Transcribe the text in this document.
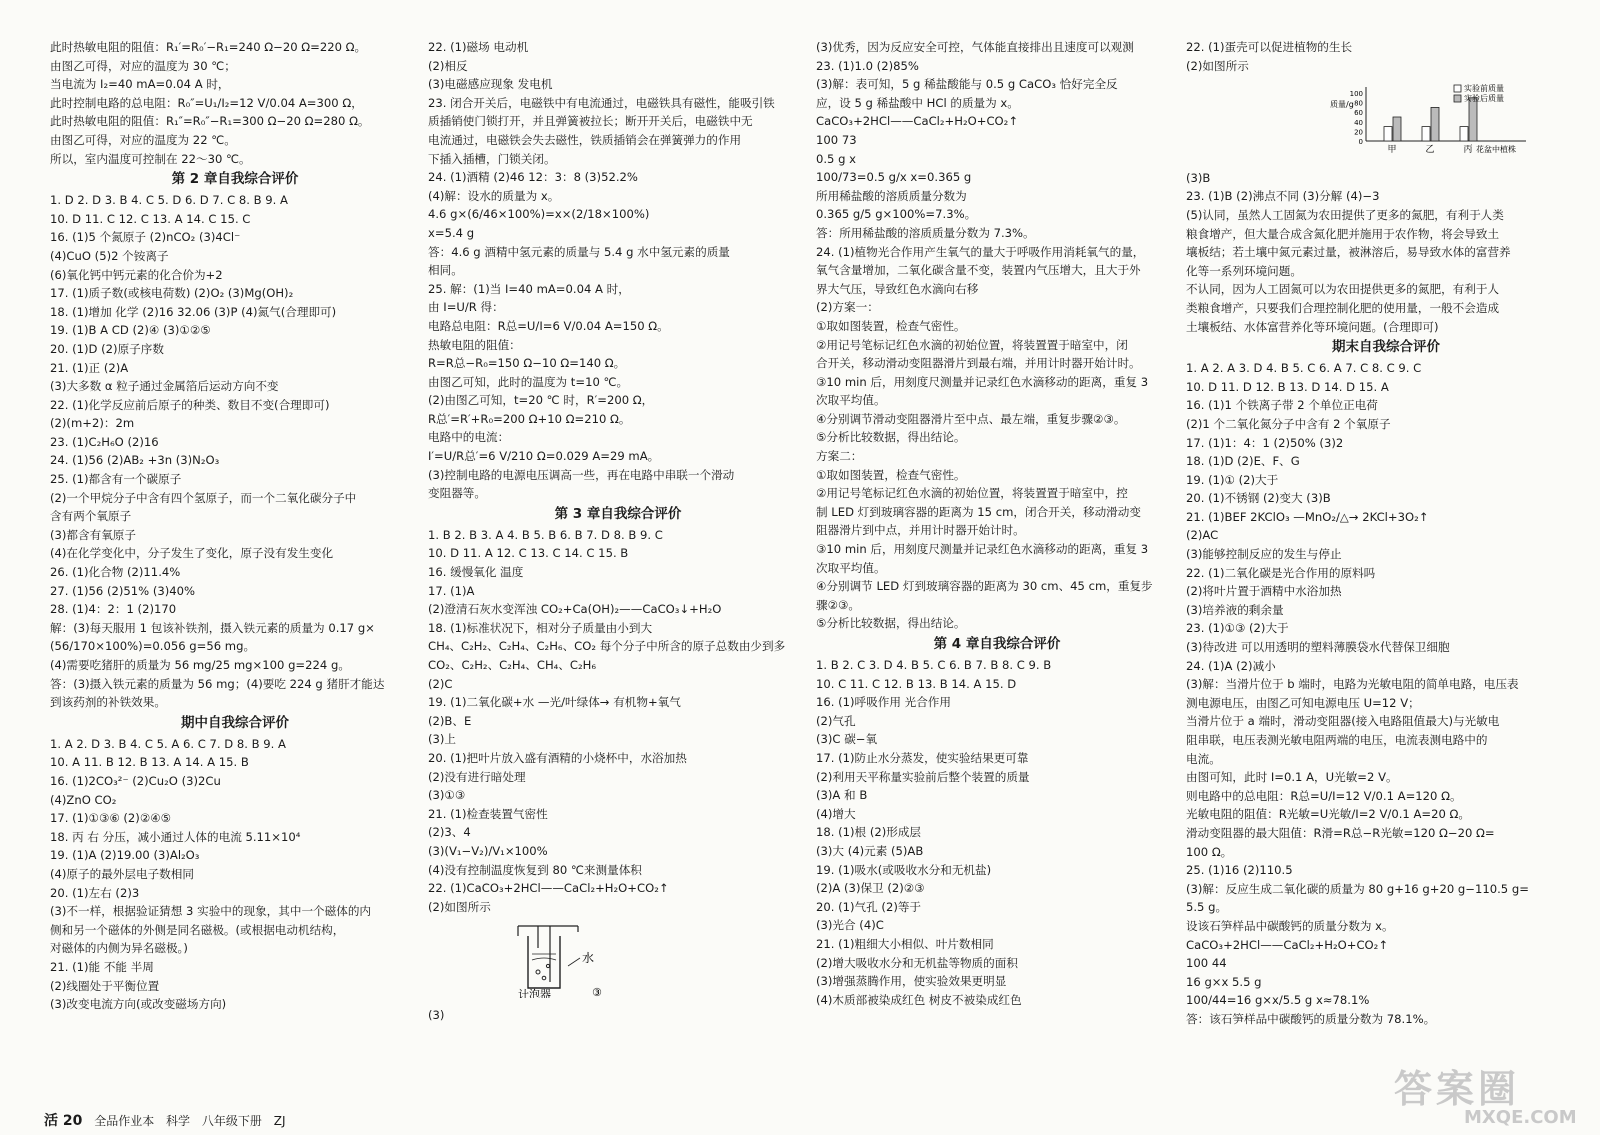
此时热敏电阻的阻值：R₁′=R₀′−R₁=240 Ω−20 Ω=220 Ω。
由图乙可得，对应的温度为 30 ℃；
当电流为 I₂=40 mA=0.04 A 时，
此时控制电路的总电阻：R₀″=U₁/I₂=12 V/0.04 A=300 Ω，
此时热敏电阻的阻值：R₁″=R₀″−R₁=300 Ω−20 Ω=280 Ω。
由图乙可得，对应的温度为 22 ℃。
所以，室内温度可控制在 22～30 ℃。
第 2 章自我综合评价
1. D 2. D 3. B 4. C 5. D 6. D 7. C 8. B 9. A
10. D 11. C 12. C 13. A 14. C 15. C
16. (1)5 个氮原子 (2)nCO₂ (3)4Cl⁻
(4)CuO (5)2 个铵离子
(6)氧化钙中钙元素的化合价为+2
17. (1)质子数(或核电荷数) (2)O₂ (3)Mg(OH)₂
18. (1)增加 化学 (2)16 32.06 (3)P (4)氮气(合理即可)
19. (1)B A CD (2)④ (3)①②⑤
20. (1)D (2)原子序数
21. (1)正 (2)A
(3)大多数 α 粒子通过金属箔后运动方向不变
22. (1)化学反应前后原子的种类、数目不变(合理即可)
(2)(m+2)：2m
23. (1)C₂H₆O (2)16
24. (1)56 (2)AB₂ +3n (3)N₂O₃
25. (1)都含有一个碳原子
(2)一个甲烷分子中含有四个氢原子，而一个二氧化碳分子中
含有两个氧原子
(3)都含有氧原子
(4)在化学变化中，分子发生了变化，原子没有发生变化
26. (1)化合物 (2)11.4%
27. (1)56 (2)51% (3)40%
28. (1)4：2：1 (2)170
解：(3)每天服用 1 包该补铁剂，摄入铁元素的质量为 0.17 g×
(56/170×100%)=0.056 g=56 mg。
(4)需要吃猪肝的质量为 56 mg/25 mg×100 g=224 g。
答：(3)摄入铁元素的质量为 56 mg；(4)要吃 224 g 猪肝才能达
到该药剂的补铁效果。
期中自我综合评价
1. A 2. D 3. B 4. C 5. A 6. C 7. D 8. B 9. A
10. A 11. B 12. B 13. A 14. A 15. B
16. (1)2CO₃²⁻ (2)Cu₂O (3)2Cu
(4)ZnO CO₂
17. (1)①③⑥ (2)②④⑤
18. 丙 右 分压，减小通过人体的电流 5.11×10⁴
19. (1)A (2)19.00 (3)Al₂O₃
(4)原子的最外层电子数相同
20. (1)左右 (2)3
(3)不一样，根据验证猜想 3 实验中的现象，其中一个磁体的内
侧和另一个磁体的外侧是同名磁极。(或根据电动机结构，
对磁体的内侧为异名磁极。)
21. (1)能 不能 半周
(2)线圈处于平衡位置
(3)改变电流方向(或改变磁场方向)
22. (1)磁场 电动机
(2)相反
(3)电磁感应现象 发电机
23. 闭合开关后，电磁铁中有电流通过，电磁铁具有磁性，能吸引铁
质插销使门锁打开，并且弹簧被拉长；断开开关后，电磁铁中无
电流通过，电磁铁会失去磁性，铁质插销会在弹簧弹力的作用
下插入插槽，门锁关闭。
24. (1)酒精 (2)46 12：3：8 (3)52.2%
(4)解：设水的质量为 x。
4.6 g×(6/46×100%)=x×(2/18×100%)
x=5.4 g
答：4.6 g 酒精中氢元素的质量与 5.4 g 水中氢元素的质量
相同。
25. 解：(1)当 I=40 mA=0.04 A 时，
由 I=U/R 得：
电路总电阻：R总=U/I=6 V/0.04 A=150 Ω。
热敏电阻的阻值：
R=R总−R₀=150 Ω−10 Ω=140 Ω。
由图乙可知，此时的温度为 t=10 ℃。
(2)由图乙可知，t=20 ℃ 时，R′=200 Ω，
R总′=R′+R₀=200 Ω+10 Ω=210 Ω。
电路中的电流：
I′=U/R总′=6 V/210 Ω=0.029 A=29 mA。
(3)控制电路的电源电压调高一些，再在电路中串联一个滑动
变阻器等。
第 3 章自我综合评价
1. B 2. B 3. A 4. B 5. B 6. B 7. D 8. B 9. C
10. D 11. A 12. C 13. C 14. C 15. B
16. 缓慢氧化 温度
17. (1)A
(2)澄清石灰水变浑浊 CO₂+Ca(OH)₂——CaCO₃↓+H₂O
18. (1)标准状况下，相对分子质量由小到大
CH₄、C₂H₂、C₂H₄、C₂H₆、CO₂ 每个分子中所含的原子总数由少到多
CO₂、C₂H₂、C₂H₄、CH₄、C₂H₆
(2)C
19. (1)二氧化碳+水 —光/叶绿体→ 有机物+氧气
(2)B、E
(3)上
20. (1)把叶片放入盛有酒精的小烧杯中，水浴加热
(2)没有进行暗处理
(3)①③
21. (1)检查装置气密性
(2)3、4
(3)(V₁−V₂)/V₁×100%
(4)没有控制温度恢复到 80 ℃来测量体积
22. (1)CaCO₃+2HCl——CaCl₂+H₂O+CO₂↑
(2)如图所示
水
计泡器	③
(3)
(3)优秀，因为反应安全可控，气体能直接排出且速度可以观测
23. (1)1.0 (2)85%
(3)解：表可知，5 g 稀盐酸能与 0.5 g CaCO₃ 恰好完全反
应，设 5 g 稀盐酸中 HCl 的质量为 x。
CaCO₃+2HCl——CaCl₂+H₂O+CO₂↑
100 73
0.5 g x
100/73=0.5 g/x x=0.365 g
所用稀盐酸的溶质质量分数为
0.365 g/5 g×100%=7.3%。
答：所用稀盐酸的溶质质量分数为 7.3%。
24. (1)植物光合作用产生氧气的量大于呼吸作用消耗氧气的量，
氧气含量增加，二氧化碳含量不变，装置内气压增大，且大于外
界大气压，导致红色水滴向右移
(2)方案一：
①取如图装置，检查气密性。
②用记号笔标记红色水滴的初始位置，将装置置于暗室中，闭
合开关，移动滑动变阻器滑片到最右端，并用计时器开始计时。
③10 min 后，用刻度尺测量并记录红色水滴移动的距离，重复 3
次取平均值。
④分别调节滑动变阻器滑片至中点、最左端，重复步骤②③。
⑤分析比较数据，得出结论。
方案二：
①取如图装置，检查气密性。
②用记号笔标记红色水滴的初始位置，将装置置于暗室中，控
制 LED 灯到玻璃容器的距离为 15 cm，闭合开关，移动滑动变
阻器滑片到中点，并用计时器开始计时。
③10 min 后，用刻度尺测量并记录红色水滴移动的距离，重复 3
次取平均值。
④分别调节 LED 灯到玻璃容器的距离为 30 cm、45 cm，重复步
骤②③。
⑤分析比较数据，得出结论。
第 4 章自我综合评价
1. B 2. C 3. D 4. B 5. C 6. B 7. B 8. C 9. B
10. C 11. C 12. B 13. B 14. A 15. D
16. (1)呼吸作用 光合作用
(2)气孔
(3)C 碳−氧
17. (1)防止水分蒸发，使实验结果更可靠
(2)利用天平称量实验前后整个装置的质量
(3)A 和 B
(4)增大
18. (1)根 (2)形成层
(3)大 (4)元素 (5)AB
19. (1)吸水(或吸收水分和无机盐)
(2)A (3)保卫 (2)②③
20. (1)气孔 (2)等于
(3)光合 (4)C
21. (1)粗细大小相似、叶片数相同
(2)增大吸收水分和无机盐等物质的面积
(3)增强蒸腾作用，使实验效果更明显
(4)木质部被染成红色 树皮不被染成红色
22. (1)蛋壳可以促进植物的生长
(2)如图所示
质量/g
0
20
40
60
80
100
甲	乙	丙 花盆中植株
实验前质量
实验后质量
(3)B
23. (1)B (2)沸点不同 (3)分解 (4)−3
(5)认同，虽然人工固氮为农田提供了更多的氮肥，有利于人类
粮食增产，但大量合成含氮化肥并施用于农作物，将会导致土
壤板结；若土壤中氮元素过量，被淋溶后，易导致水体的富营养
化等一系列环境问题。
不认同，因为人工固氮可以为农田提供更多的氮肥，有利于人
类粮食增产，只要我们合理控制化肥的使用量，一般不会造成
土壤板结、水体富营养化等环境问题。(合理即可)
期末自我综合评价
1. A 2. A 3. D 4. B 5. C 6. A 7. C 8. C 9. C
10. D 11. D 12. B 13. D 14. D 15. A
16. (1)1 个铁离子带 2 个单位正电荷
(2)1 个二氧化氮分子中含有 2 个氧原子
17. (1)1：4：1 (2)50% (3)2
18. (1)D (2)E、F、G
19. (1)① (2)大于
20. (1)不锈钢 (2)变大 (3)B
21. (1)BEF 2KClO₃ —MnO₂/△→ 2KCl+3O₂↑
(2)AC
(3)能够控制反应的发生与停止
22. (1)二氧化碳是光合作用的原料吗
(2)将叶片置于酒精中水浴加热
(3)培养液的剩余量
23. (1)①③ (2)大于
(3)待改进 可以用透明的塑料薄膜袋水代替保卫细胞
24. (1)A (2)减小
(3)解：当滑片位于 b 端时，电路为光敏电阻的简单电路，电压表
测电源电压，由图乙可知电源电压 U=12 V；
当滑片位于 a 端时，滑动变阻器(接入电路阻值最大)与光敏电
阻串联，电压表测光敏电阻两端的电压，电流表测电路中的
电流。
由图可知，此时 I=0.1 A，U光敏=2 V。
则电路中的总电阻：R总=U/I=12 V/0.1 A=120 Ω。
光敏电阻的阻值：R光敏=U光敏/I=2 V/0.1 A=20 Ω。
滑动变阻器的最大阻值：R滑=R总−R光敏=120 Ω−20 Ω=
100 Ω。
25. (1)16 (2)110.5
(3)解：反应生成二氧化碳的质量为 80 g+16 g+20 g−110.5 g=
5.5 g。
设该石笋样品中碳酸钙的质量分数为 x。
CaCO₃+2HCl——CaCl₂+H₂O+CO₂↑
100 44
16 g×x 5.5 g
100/44=16 g×x/5.5 g x≈78.1%
答：该石笋样品中碳酸钙的质量分数为 78.1%。
活 20 全品作业本 科学 八年级下册 ZJ
答案圈
MXQE.COM
